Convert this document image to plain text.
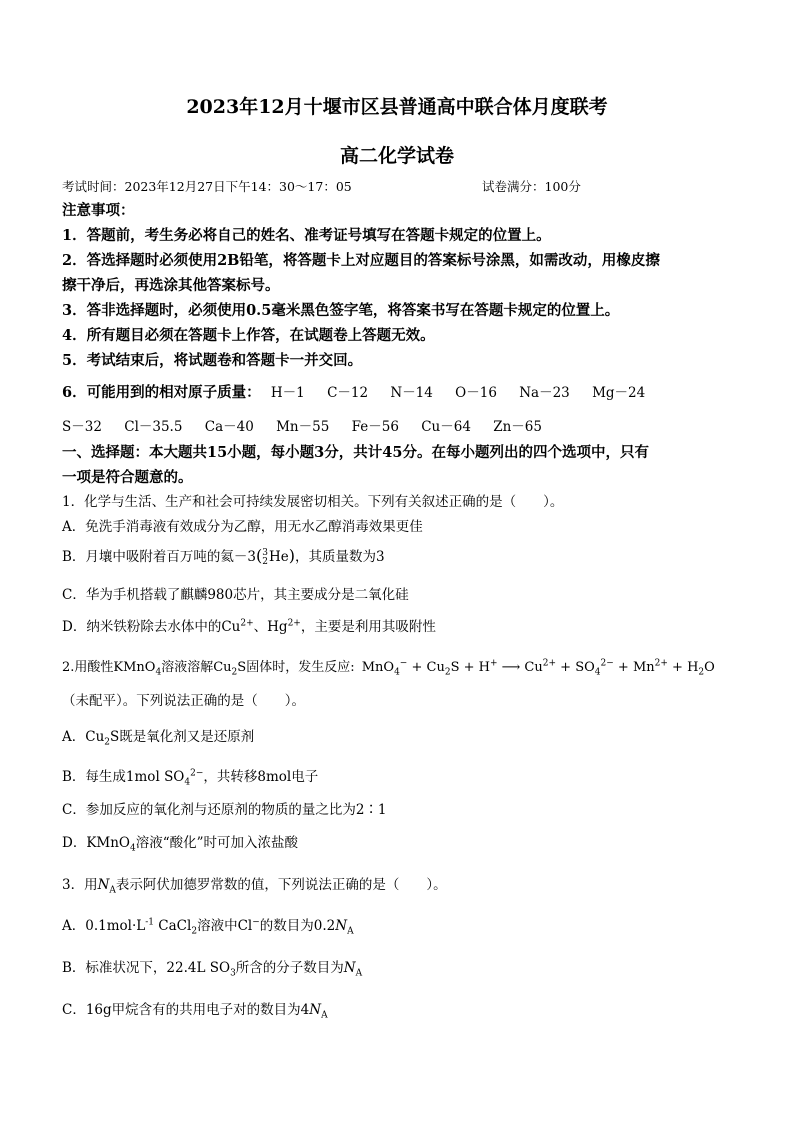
2023年12月十堰市区县普通高中联合体月度联考
高二化学试卷
考试时间：2023年12月27日下午14：30～17：05	试卷满分：100分
注意事项：
1．答题前，考生务必将自己的姓名、准考证号填写在答题卡规定的位置上。
2．答选择题时必须使用2B铅笔，将答题卡上对应题目的答案标号涂黑，如需改动，用橡皮擦
擦干净后，再选涂其他答案标号。
3．答非选择题时，必须使用0.5毫米黑色签字笔，将答案书写在答题卡规定的位置上。
4．所有题目必须在答题卡上作答，在试题卷上答题无效。
5．考试结束后，将试题卷和答题卡一并交回。
6．可能用到的相对原子质量： H－1 C－12 N－14 O－16 Na－23 Mg－24
S－32 Cl－35.5 Ca－40 Mn－55 Fe－56 Cu－64 Zn－65
一、选择题：本大题共15小题，每小题3分，共计45分。在每小题列出的四个选项中，只有
一项是符合题意的。
1．化学与生活、生产和社会可持续发展密切相关。下列有关叙述正确的是（　　）。
A．免洗手消毒液有效成分为乙醇，用无水乙醇消毒效果更佳
B．月壤中吸附着百万吨的氦－3( 3
2 He)，其质量数为3
C．华为手机搭载了麒麟980芯片，其主要成分是二氧化硅
D．纳米铁粉除去水体中的$Cu^{2+}$、$Hg^{2+}$，主要是利用其吸附性
2.用酸性KMnO$_4$溶液溶解$Cu_2S$固体时，发生反应: $MnO_4^- + Cu_2S + H^+$ ⟶ $Cu^{2+} + SO_4^{2-} + Mn^{2+} + H_2O$
（未配平）。下列说法正确的是（　　）。
A．$Cu_2S$既是氧化剂又是还原剂
B．每生成1mol $SO_4^{2-}$，共转移8mol电子
C．参加反应的氧化剂与还原剂的物质的量之比为2∶1
D．KMnO$_4$溶液“酸化”时可加入浓盐酸
3．用$N_A$表示阿伏加德罗常数的值，下列说法正确的是（　　）。
A．$0.1mol\cdot L^{-1}$ CaCl$_2$溶液中Cl−的数目为$0.2N_A$
B．标准状况下，22.4L $SO_3$所含的分子数目为$N_A$
C．16g甲烷含有的共用电子对的数目为$4N_A$
